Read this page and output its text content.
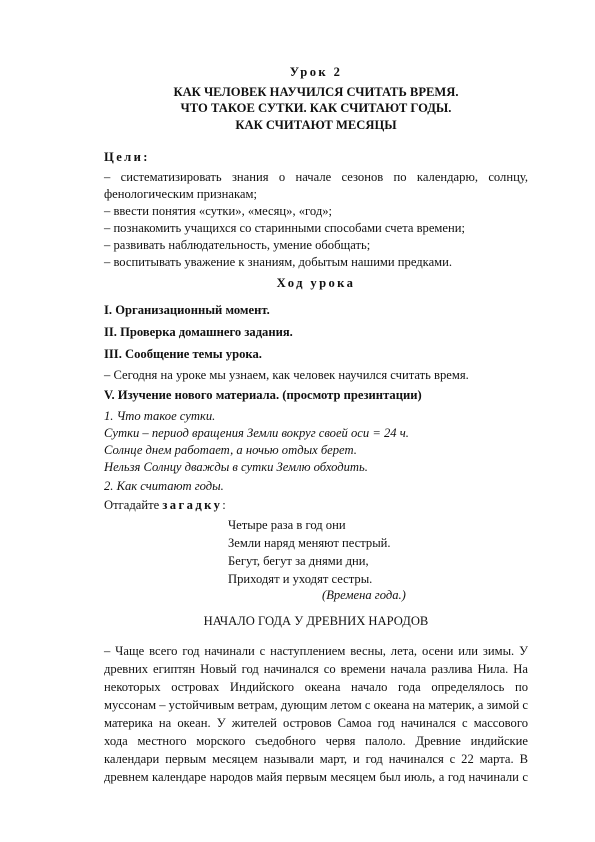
Урок 2
КАК ЧЕЛОВЕК НАУЧИЛСЯ СЧИТАТЬ ВРЕМЯ.
ЧТО ТАКОЕ СУТКИ. КАК СЧИТАЮТ ГОДЫ.
КАК СЧИТАЮТ МЕСЯЦЫ
Цели:
– систематизировать знания о начале сезонов по календарю, солнцу,
фенологическим признакам;
– ввести понятия «сутки», «месяц», «год»;
– познакомить учащихся со старинными способами счета времени;
– развивать наблюдательность, умение обобщать;
– воспитывать уважение к знаниям, добытым нашими предками.
Ход урока
I. Организационный момент.
II. Проверка домашнего задания.
III. Сообщение темы урока.
– Сегодня на уроке мы узнаем, как человек научился считать время.
V. Изучение нового материала. (просмотр презинтации)
1. Что такое сутки.
Сутки – период вращения Земли вокруг своей оси = 24 ч.
Солнце днем работает, а ночью отдых берет.
Нельзя Солнцу дважды в сутки Землю обходить.
2. Как считают годы.
Отгадайте загадку:
Четыре раза в год они
Земли наряд меняют пестрый.
Бегут, бегут за днями дни,
Приходят и уходят сестры.
(Времена года.)
НАЧАЛО ГОДА У ДРЕВНИХ НАРОДОВ
– Чаще всего год начинали с наступлением весны, лета, осени или зимы. У
древних египтян Новый год начинался со времени начала разлива Нила. На
некоторых островах Индийского океана начало года определялось по
муссонам – устойчивым ветрам, дующим летом с океана на материк, а зимой с
материка на океан. У жителей островов Самоа год начинался с массового
хода местного морского съедобного червя палоло. Древние индийские
календари первым месяцем называли март, и год начинался с 22 марта. В
древнем календаре народов майя первым месяцем был июль, а год начинали с
